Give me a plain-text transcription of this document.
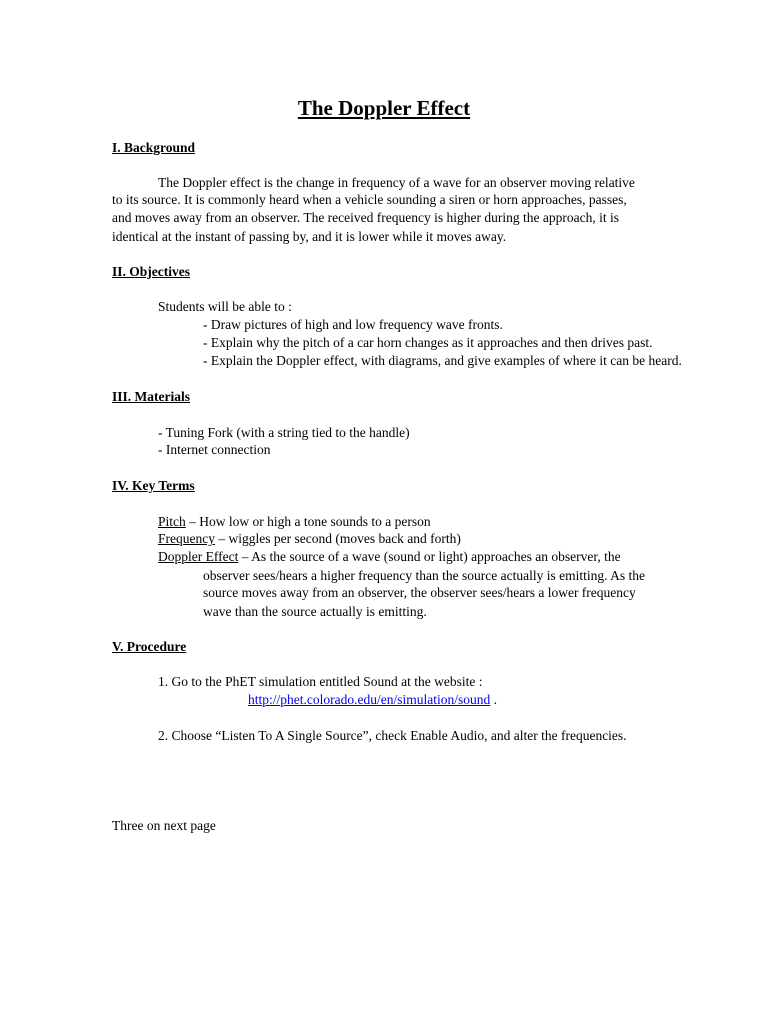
The Doppler Effect
I. Background
The Doppler effect is the change in frequency of a wave for an observer moving relative
to its source. It is commonly heard when a vehicle sounding a siren or horn approaches, passes,
and moves away from an observer. The received frequency is higher during the approach, it is
identical at the instant of passing by, and it is lower while it moves away.
II. Objectives
Students will be able to :
- Draw pictures of high and low frequency wave fronts.
- Explain why the pitch of a car horn changes as it approaches and then drives past.
- Explain the Doppler effect, with diagrams, and give examples of where it can be heard.
III. Materials
- Tuning Fork (with a string tied to the handle)
- Internet connection
IV. Key Terms
Pitch – How low or high a tone sounds to a person
Frequency – wiggles per second (moves back and forth)
Doppler Effect – As the source of a wave (sound or light) approaches an observer, the
observer sees/hears a higher frequency than the source actually is emitting. As the
source moves away from an observer, the observer sees/hears a lower frequency
wave than the source actually is emitting.
V. Procedure
1. Go to the PhET simulation entitled Sound at the website :
http://phet.colorado.edu/en/simulation/sound .
2. Choose “Listen To A Single Source”, check Enable Audio, and alter the frequencies.
Three on next page
